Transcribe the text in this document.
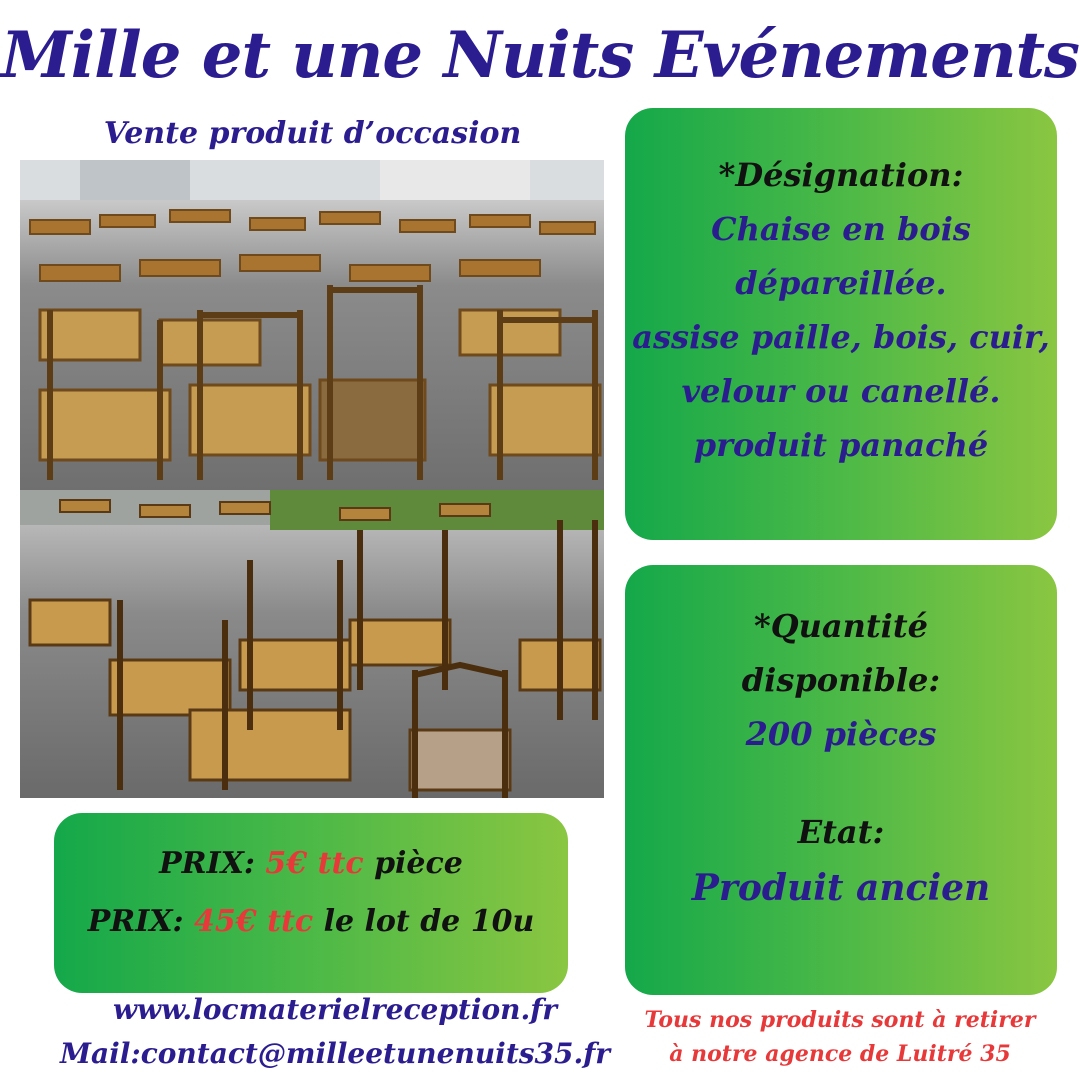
Mille et une Nuits Evénements
Vente produit d’occasion
*Désignation:
Chaise en bois
dépareillée.
assise paille, bois, cuir,
velour ou canellé.
produit panaché
*Quantité
disponible:
200 pièces
Etat:
Produit ancien
PRIX: 5€ ttc pièce
PRIX: 45€ ttc le lot de 10u
www.locmaterielreception.fr
Mail:contact@milleetunenuits35.fr
Tous nos produits sont à retirer
à notre agence de Luitré 35
